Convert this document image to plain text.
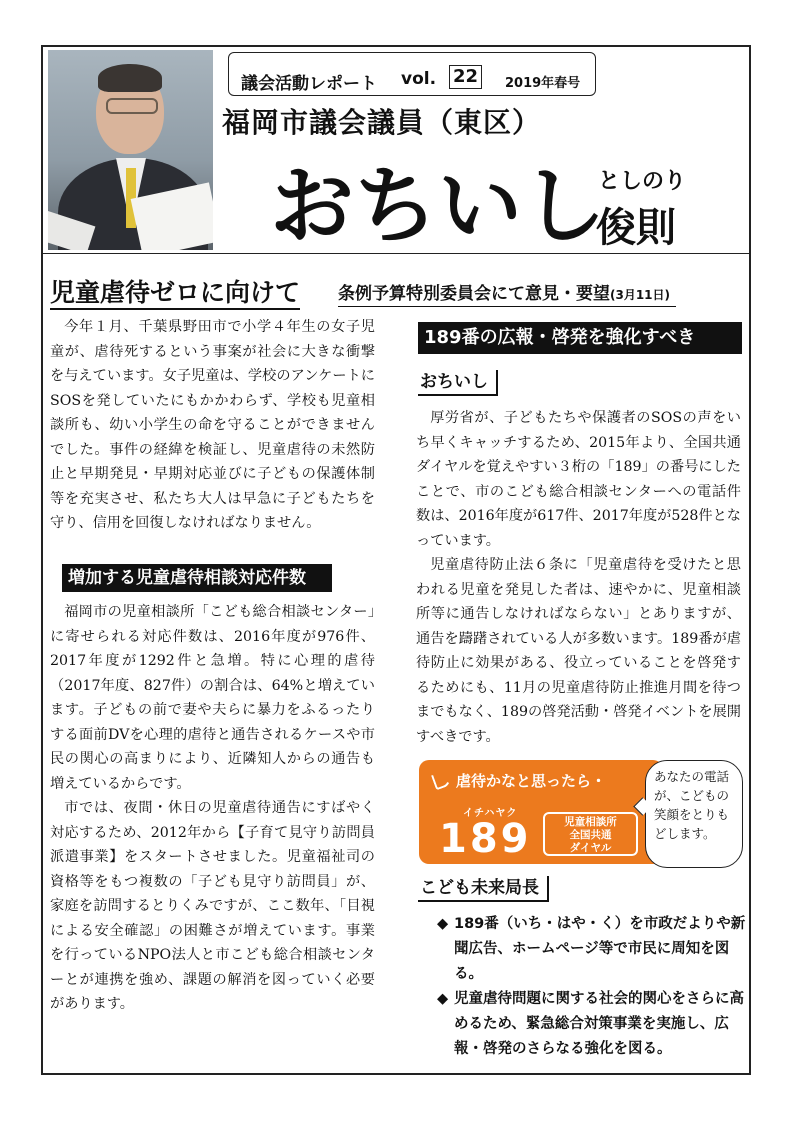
議会活動レポート vol. 22	2019年春号
福岡市議会議員（東区）
おちいし
としのり
俊則
児童虐待ゼロに向けて 条例予算特別委員会にて意見・要望(3月11日)

今年１月、千葉県野田市で小学４年生の女子児童が、虐待死するという事案が社会に大きな衝撃を与えています。女子児童は、学校のアンケートにSOSを発していたにもかかわらず、学校も児童相談所も、幼い小学生の命を守ることができませんでした。事件の経緯を検証し、児童虐待の未然防止と早期発見・早期対応並びに子どもの保護体制等を充実させ、私たち大人は早急に子どもたちを守り、信用を回復しなければなりません。

増加する児童虐待相談対応件数

福岡市の児童相談所「こども総合相談センター」に寄せられる対応件数は、2016年度が976件、2017年度が1292件と急増。特に心理的虐待（2017年度、827件）の割合は、64%と増えています。子どもの前で妻や夫らに暴力をふるったりする面前DVを心理的虐待と通告されるケースや市民の関心の高まりにより、近隣知人からの通告も増えているからです。

市では、夜間・休日の児童虐待通告にすばやく対応するため、2012年から【子育て見守り訪問員派遣事業】をスタートさせました。児童福祉司の資格等をもつ複数の「子ども見守り訪問員」が、家庭を訪問するとりくみですが、ここ数年、「目視による安全確認」の困難さが増えています。事業を行っているNPO法人と市こども総合相談センターとが連携を強め、課題の解消を図っていく必要があります。

189番の広報・啓発を強化すべき
おちいし

厚労省が、子どもたちや保護者のSOSの声をいち早くキャッチするため、2015年より、全国共通ダイヤルを覚えやすい３桁の「189」の番号にしたことで、市のこども総合相談センターへの電話件数は、2016年度が617件、2017年度が528件となっています。

児童虐待防止法６条に「児童虐待を受けたと思われる児童を発見した者は、速やかに、児童相談所等に通告しなければならない」とありますが、通告を躊躇されている人が多数います。189番が虐待防止に効果がある、役立っていることを啓発するためにも、11月の児童虐待防止推進月間を待つまでもなく、189の啓発活動・啓発イベントを展開すべきです。

虐待かなと思ったら・
イチハヤク
189	児童相談所
全国共通
ダイヤル
あなたの電話が、こどもの笑顔をとりもどします。
こども未来局長
◆ 189番（いち・はや・く）を市政だよりや新聞広告、ホームページ等で市民に周知を図る。
◆ 児童虐待問題に関する社会的関心をさらに高めるため、緊急総合対策事業を実施し、広報・啓発のさらなる強化を図る。
